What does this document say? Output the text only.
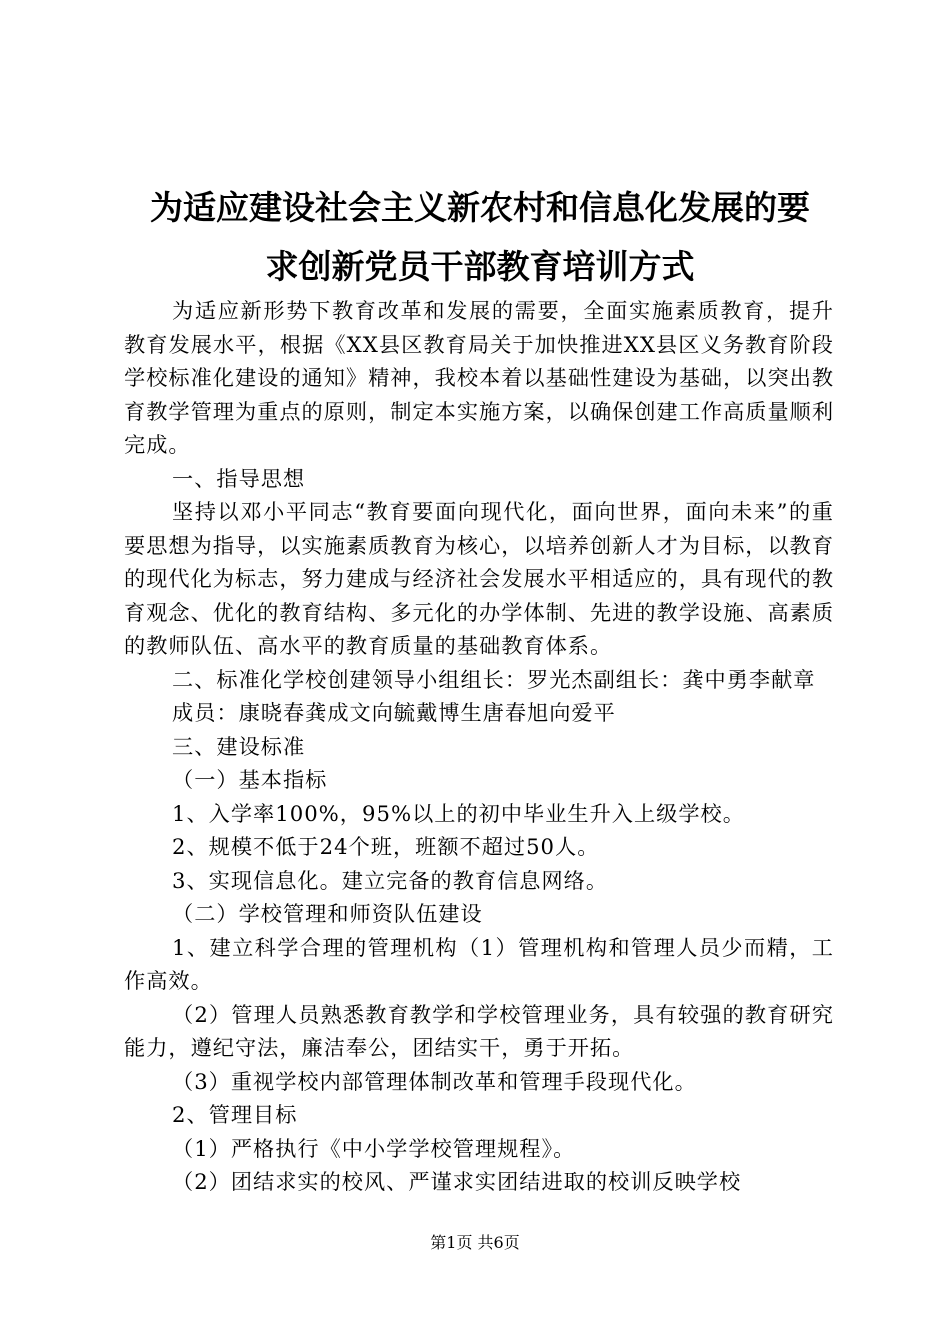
为适应建设社会主义新农村和信息化发展的要
求创新党员干部教育培训方式

为适应新形势下教育改革和发展的需要，全面实施素质教育，提升教育发展水平，根据《XX县区教育局关于加快推进XX县区义务教育阶段学校标准化建设的通知》精神，我校本着以基础性建设为基础，以突出教育教学管理为重点的原则，制定本实施方案，以确保创建工作高质量顺利完成。

一、指导思想

坚持以邓小平同志“教育要面向现代化，面向世界，面向未来”的重要思想为指导，以实施素质教育为核心，以培养创新人才为目标，以教育的现代化为标志，努力建成与经济社会发展水平相适应的，具有现代的教育观念、优化的教育结构、多元化的办学体制、先进的教学设施、高素质的教师队伍、高水平的教育质量的基础教育体系。

二、标准化学校创建领导小组组长：罗光杰副组长：龚中勇李献章

成员：康晓春龚成文向毓戴博生唐春旭向爱平

三、建设标准

（一）基本指标

1、入学率100%，95%以上的初中毕业生升入上级学校。

2、规模不低于24个班，班额不超过50人。

3、实现信息化。建立完备的教育信息网络。

（二）学校管理和师资队伍建设

1、建立科学合理的管理机构（1）管理机构和管理人员少而精，工作高效。

（2）管理人员熟悉教育教学和学校管理业务，具有较强的教育研究能力，遵纪守法，廉洁奉公，团结实干，勇于开拓。

（3）重视学校内部管理体制改革和管理手段现代化。

2、管理目标

（1）严格执行《中小学学校管理规程》。

（2）团结求实的校风、严谨求实团结进取的校训反映学校

第1页 共6页
